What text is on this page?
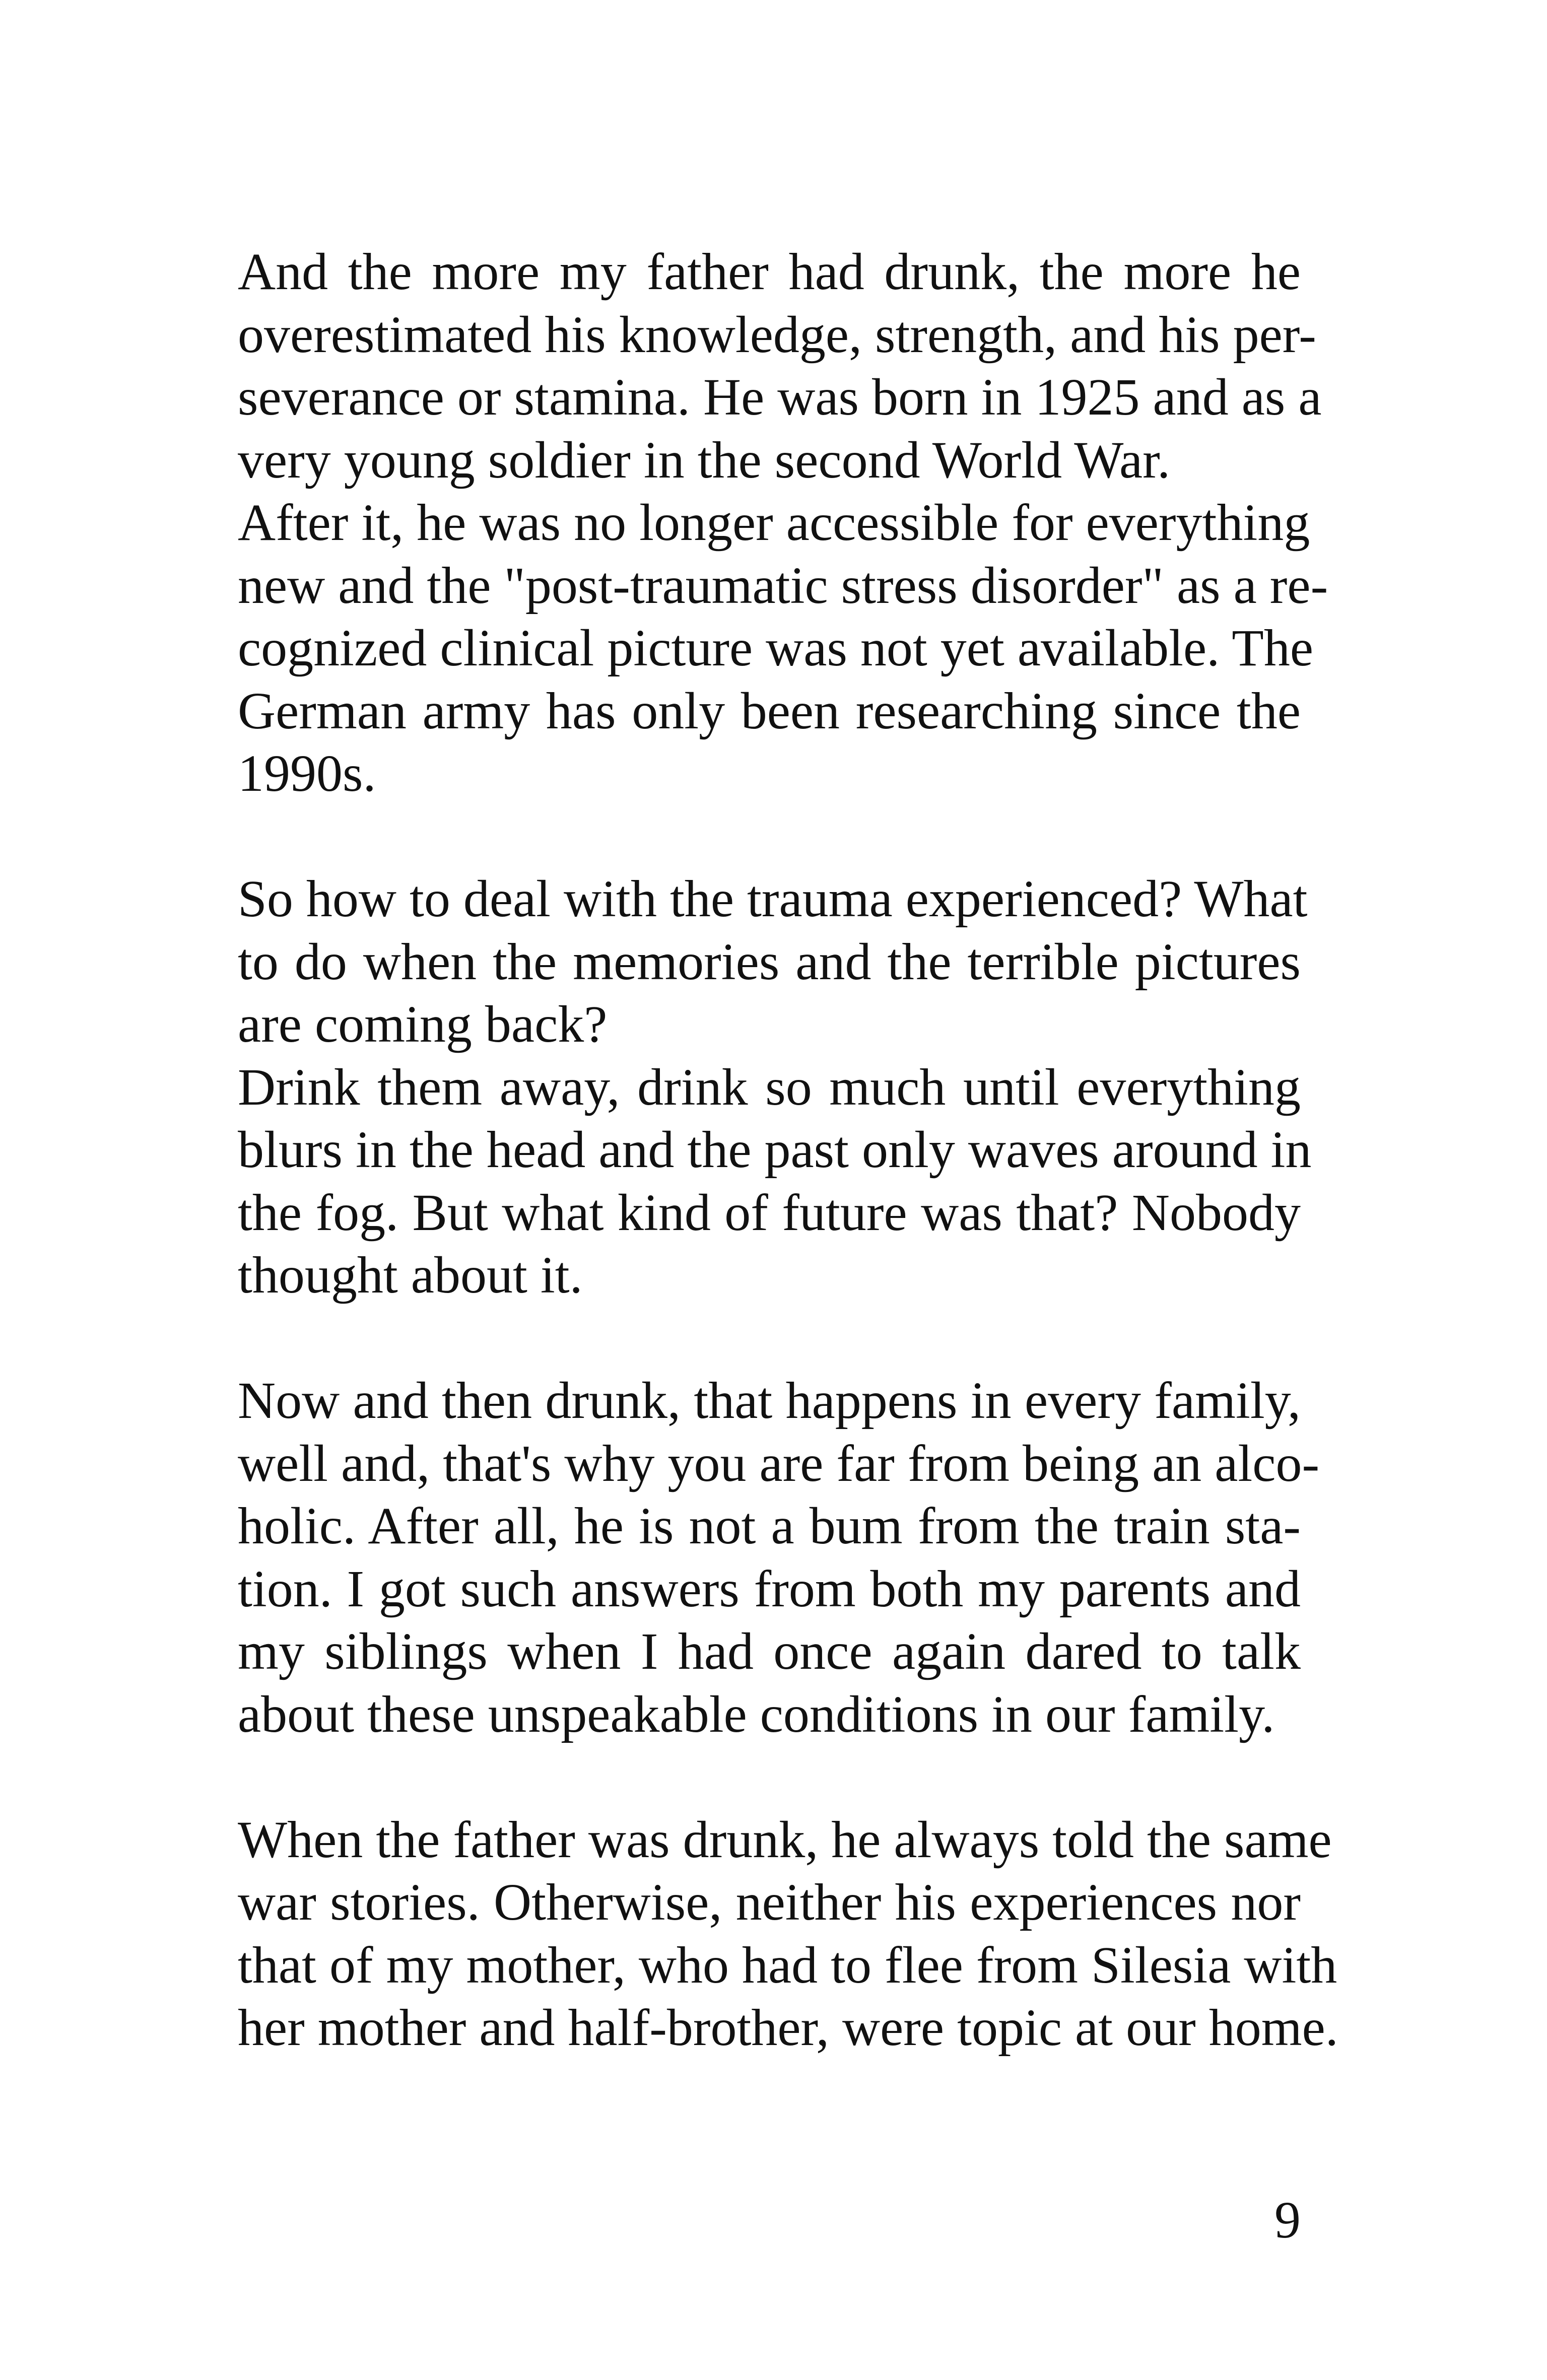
And the more my father had drunk, the more he
overestimated his knowledge, strength, and his per-
severance or stamina. He was born in 1925 and as a
very young soldier in the second World War.

After it, he was no longer accessible for everything
new and the "post-traumatic stress disorder" as a re-
cognized clinical picture was not yet available. The
German army has only been researching since the
1990s.

So how to deal with the trauma experienced? What
to do when the memories and the terrible pictures
are coming back?

Drink them away, drink so much until everything
blurs in the head and the past only waves around in
the fog. But what kind of future was that? Nobody
thought about it.

Now and then drunk, that happens in every family,
well and, that's why you are far from being an alco-
holic. After all, he is not a bum from the train sta-
tion. I got such answers from both my parents and
my siblings when I had once again dared to talk
about these unspeakable conditions in our family.

When the father was drunk, he always told the same
war stories. Otherwise, neither his experiences nor
that of my mother, who had to flee from Silesia with
her mother and half-brother, were topic at our home.

9
